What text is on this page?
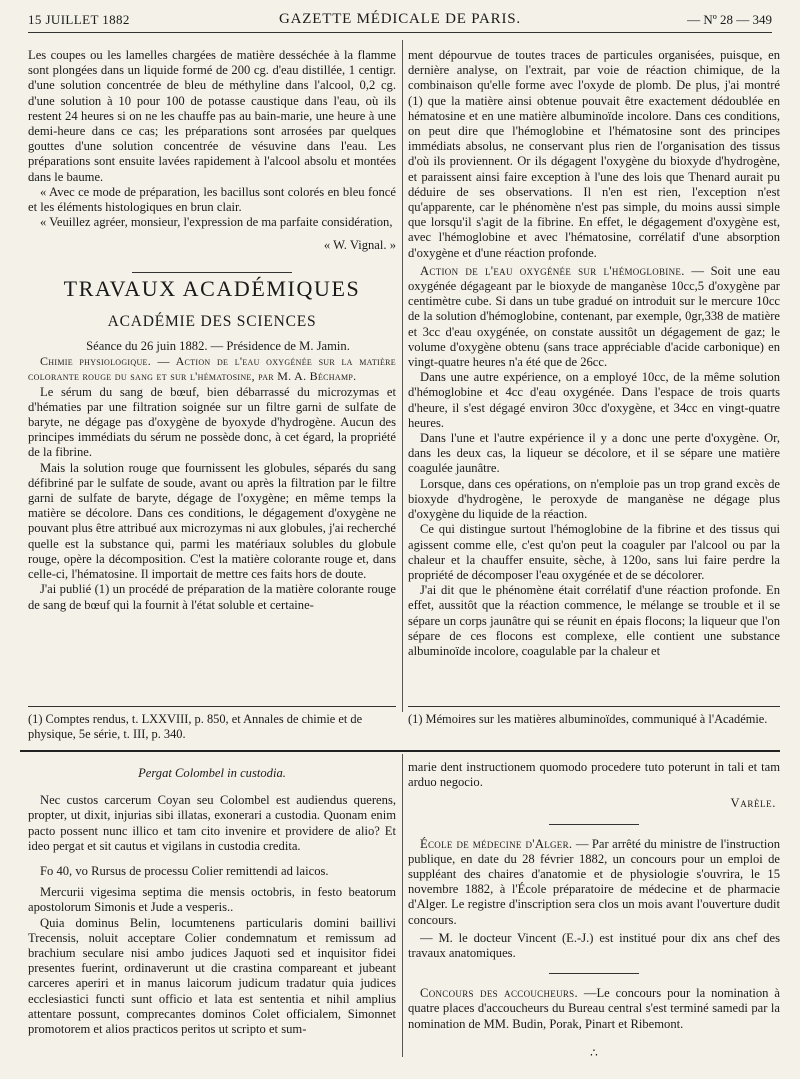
15 JUILLET 1882	GAZETTE MÉDICALE DE PARIS.	— Nº 28 — 349

Les coupes ou les lamelles chargées de matière desséchée à la flamme sont plongées dans un liquide formé de 200 cg. d'eau distillée, 1 centigr. d'une solution concentrée de bleu de méthyline dans l'alcool, 0,2 cg. d'une solution à 10 pour 100 de potasse caustique dans l'eau, où ils restent 24 heures si on ne les chauffe pas au bain-marie, une heure à une demi-heure dans ce cas; les préparations sont arrosées par quelques gouttes d'une solution concentrée de vésuvine dans l'eau. Les préparations sont ensuite lavées rapidement à l'alcool absolu et montées dans le baume.

« Avec ce mode de préparation, les bacillus sont colorés en bleu foncé et les éléments histologiques en brun clair.

« Veuillez agréer, monsieur, l'expression de ma parfaite considération,

« W. Vignal. »
TRAVAUX ACADÉMIQUES
ACADÉMIE DES SCIENCES

Séance du 26 juin 1882. — Présidence de M. Jamin.

Chimie physiologique. — Action de l'eau oxygénée sur la matière colorante rouge du sang et sur l'hématosine, par M. A. Béchamp.

Le sérum du sang de bœuf, bien débarrassé du microzymas et d'hématies par une filtration soignée sur un filtre garni de sulfate de baryte, ne dégage pas d'oxygène de byoxyde d'hydrogène. Aucun des principes immédiats du sérum ne possède donc, à cet égard, la propriété de la fibrine.

Mais la solution rouge que fournissent les globules, séparés du sang défibriné par le sulfate de soude, avant ou après la filtration par le filtre garni de sulfate de baryte, dégage de l'oxygène; en même temps la matière se décolore. Dans ces conditions, le dégagement d'oxygène ne pouvant plus être attribué aux microzymas ni aux globules, j'ai recherché quelle est la substance qui, parmi les matériaux solubles du globule rouge, opère la décomposition. C'est la matière colorante rouge et, dans celle-ci, l'hématosine. Il importait de mettre ces faits hors de doute.

J'ai publié (1) un procédé de préparation de la matière colorante rouge de sang de bœuf qui la fournit à l'état soluble et certaine-

ment dépourvue de toutes traces de particules organisées, puisque, en dernière analyse, on l'extrait, par voie de réaction chimique, de la combinaison qu'elle forme avec l'oxyde de plomb. De plus, j'ai montré (1) que la matière ainsi obtenue pouvait être exactement dédoublée en hématosine et en une matière albuminoïde incolore. Dans ces conditions, on peut dire que l'hémoglobine et l'hématosine sont des principes immédiats absolus, ne conservant plus rien de l'organisation des tissus d'où ils proviennent. Or ils dégagent l'oxygène du bioxyde d'hydrogène, et paraissent ainsi faire exception à l'une des lois que Thenard aurait pu déduire de ses observations. Il n'en est rien, l'exception n'est qu'apparente, car le phénomène n'est pas simple, du moins aussi simple que lorsqu'il s'agit de la fibrine. En effet, le dégagement d'oxygène est, avec l'hémoglobine et avec l'hématosine, corrélatif d'une absorption d'oxygène et d'une réaction profonde.

Action de l'eau oxygénée sur l'hémoglobine. — Soit une eau oxygénée dégageant par le bioxyde de manganèse 10cc,5 d'oxygène par centimètre cube. Si dans un tube gradué on introduit sur le mercure 10cc de la solution d'hémoglobine, contenant, par exemple, 0gr,338 de matière et 3cc d'eau oxygénée, on constate aussitôt un dégagement de gaz; le volume d'oxygène obtenu (sans trace appréciable d'acide carbonique) en vingt-quatre heures n'a été que de 26cc.

Dans une autre expérience, on a employé 10cc, de la même solution d'hémoglobine et 4cc d'eau oxygénée. Dans l'espace de trois quarts d'heure, il s'est dégagé environ 30cc d'oxygène, et 34cc en vingt-quatre heures.

Dans l'une et l'autre expérience il y a donc une perte d'oxygène. Or, dans les deux cas, la liqueur se décolore, et il se sépare une matière coagulée jaunâtre.

Lorsque, dans ces opérations, on n'emploie pas un trop grand excès de bioxyde d'hydrogène, le peroxyde de manganèse ne dégage plus d'oxygène du liquide de la réaction.

Ce qui distingue surtout l'hémoglobine de la fibrine et des tissus qui agissent comme elle, c'est qu'on peut la coaguler par l'alcool ou par la chaleur et la chauffer ensuite, sèche, à 120o, sans lui faire perdre la propriété de décomposer l'eau oxygénée et de se décolorer.

J'ai dit que le phénomène était corrélatif d'une réaction profonde. En effet, aussitôt que la réaction commence, le mélange se trouble et il se sépare un corps jaunâtre qui se réunit en épais flocons; la liqueur que l'on sépare de ces flocons est complexe, elle contient une substance albuminoïde incolore, coagulable par la chaleur et

(1) Comptes rendus, t. LXXVIII, p. 850, et Annales de chimie et de physique, 5e série, t. III, p. 340.
(1) Mémoires sur les matières albuminoïdes, communiqué à l'Académie.
Pergat Colombel in custodia.

Nec custos carcerum Coyan seu Colombel est audiendus querens, propter, ut dixit, injurias sibi illatas, exonerari a custodia. Quonam enim pacto possent nunc illico et tam cito invenire et providere de alio? Et ideo pergat et sit cautus et vigilans in custodia credita.

Fo 40, vo Rursus de processu Colier remittendi ad laicos.

Mercurii vigesima septima die mensis octobris, in festo beatorum apostolorum Simonis et Jude a vesperis..

Quia dominus Belin, locumtenens particularis domini baillivi Trecensis, noluit acceptare Colier condemnatum et remissum ad brachium seculare nisi ambo judices Jaquoti sed et inquisitor fidei presentes fuerint, ordinaverunt ut die crastina compareant et jubeant carceres aperiri et in manus laicorum judicum tradatur quia judices ecclesiastici functi sunt officio et lata est sententia et nihil amplius attentare possunt, comprecantes dominos Colet officialem, Simonnet promotorem et alios practicos peritos ut scripto et sum-

marie dent instructionem quomodo procedere tuto poterunt in tali et tam arduo negocio.

Varèle.

École de médecine d'Alger. — Par arrêté du ministre de l'instruction publique, en date du 28 février 1882, un concours pour un emploi de suppléant des chaires d'anatomie et de physiologie s'ouvrira, le 15 novembre 1882, à l'École préparatoire de médecine et de pharmacie d'Alger. Le registre d'inscription sera clos un mois avant l'ouverture dudit concours.

— M. le docteur Vincent (E.-J.) est institué pour dix ans chef des travaux anatomiques.

Concours des accoucheurs. —Le concours pour la nomination à quatre places d'accoucheurs du Bureau central s'est terminé samedi par la nomination de MM. Budin, Porak, Pinart et Ribemont.

∴
